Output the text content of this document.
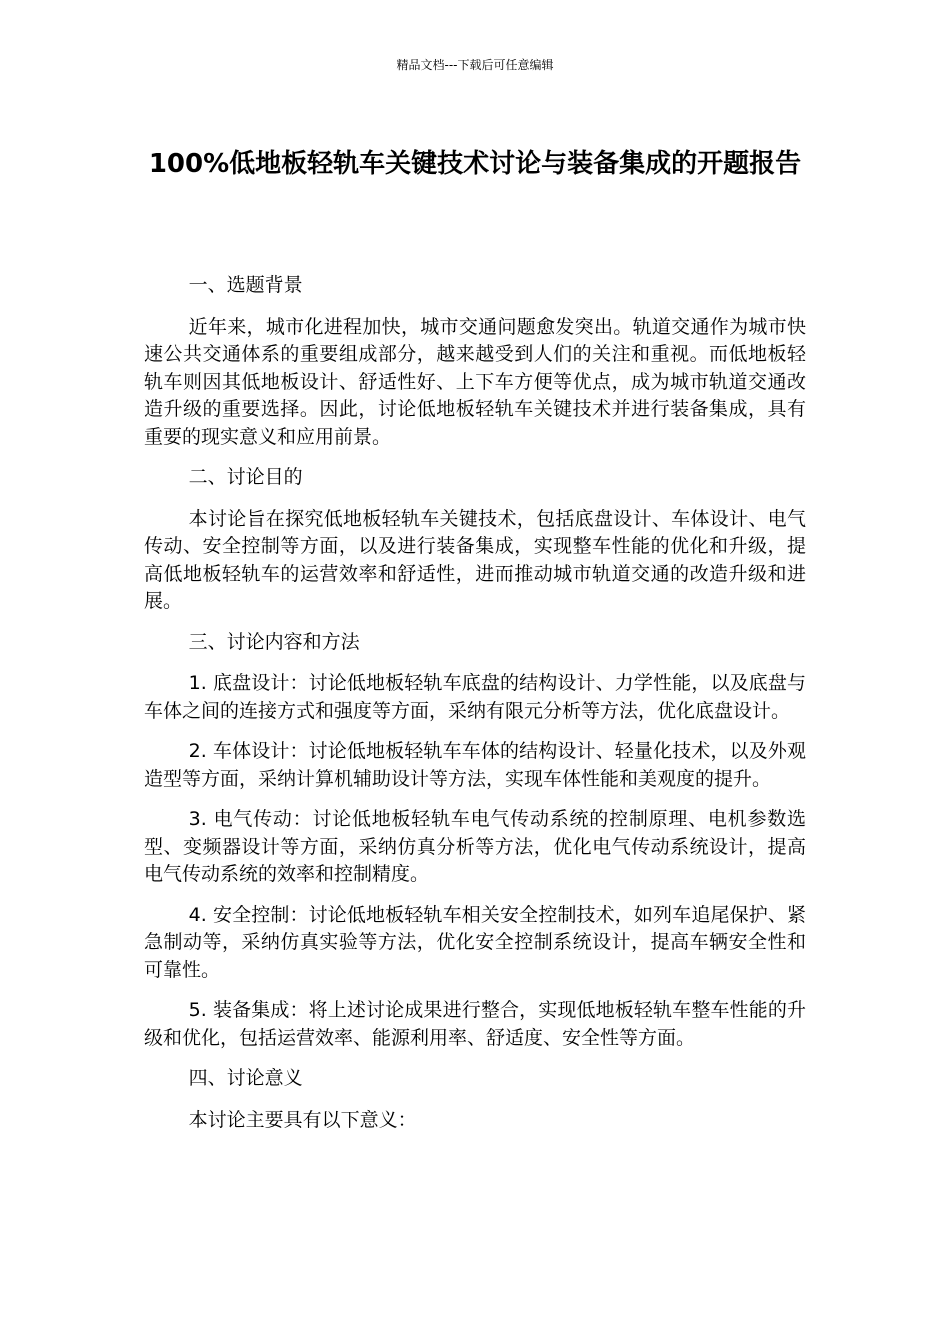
精品文档---下载后可任意编辑
100%低地板轻轨车关键技术讨论与装备集成的开题报告

一、选题背景

近年来，城市化进程加快，城市交通问题愈发突出。轨道交通作为城市快速公共交通体系的重要组成部分，越来越受到人们的关注和重视。而低地板轻轨车则因其低地板设计、舒适性好、上下车方便等优点，成为城市轨道交通改造升级的重要选择。因此，讨论低地板轻轨车关键技术并进行装备集成，具有重要的现实意义和应用前景。

二、讨论目的

本讨论旨在探究低地板轻轨车关键技术，包括底盘设计、车体设计、电气传动、安全控制等方面，以及进行装备集成，实现整车性能的优化和升级，提高低地板轻轨车的运营效率和舒适性，进而推动城市轨道交通的改造升级和进展。

三、讨论内容和方法

1. 底盘设计：讨论低地板轻轨车底盘的结构设计、力学性能，以及底盘与车体之间的连接方式和强度等方面，采纳有限元分析等方法，优化底盘设计。

2. 车体设计：讨论低地板轻轨车车体的结构设计、轻量化技术，以及外观造型等方面，采纳计算机辅助设计等方法，实现车体性能和美观度的提升。

3. 电气传动：讨论低地板轻轨车电气传动系统的控制原理、电机参数选型、变频器设计等方面，采纳仿真分析等方法，优化电气传动系统设计，提高电气传动系统的效率和控制精度。

4. 安全控制：讨论低地板轻轨车相关安全控制技术，如列车追尾保护、紧急制动等，采纳仿真实验等方法，优化安全控制系统设计，提高车辆安全性和可靠性。

5. 装备集成：将上述讨论成果进行整合，实现低地板轻轨车整车性能的升级和优化，包括运营效率、能源利用率、舒适度、安全性等方面。

四、讨论意义

本讨论主要具有以下意义：
